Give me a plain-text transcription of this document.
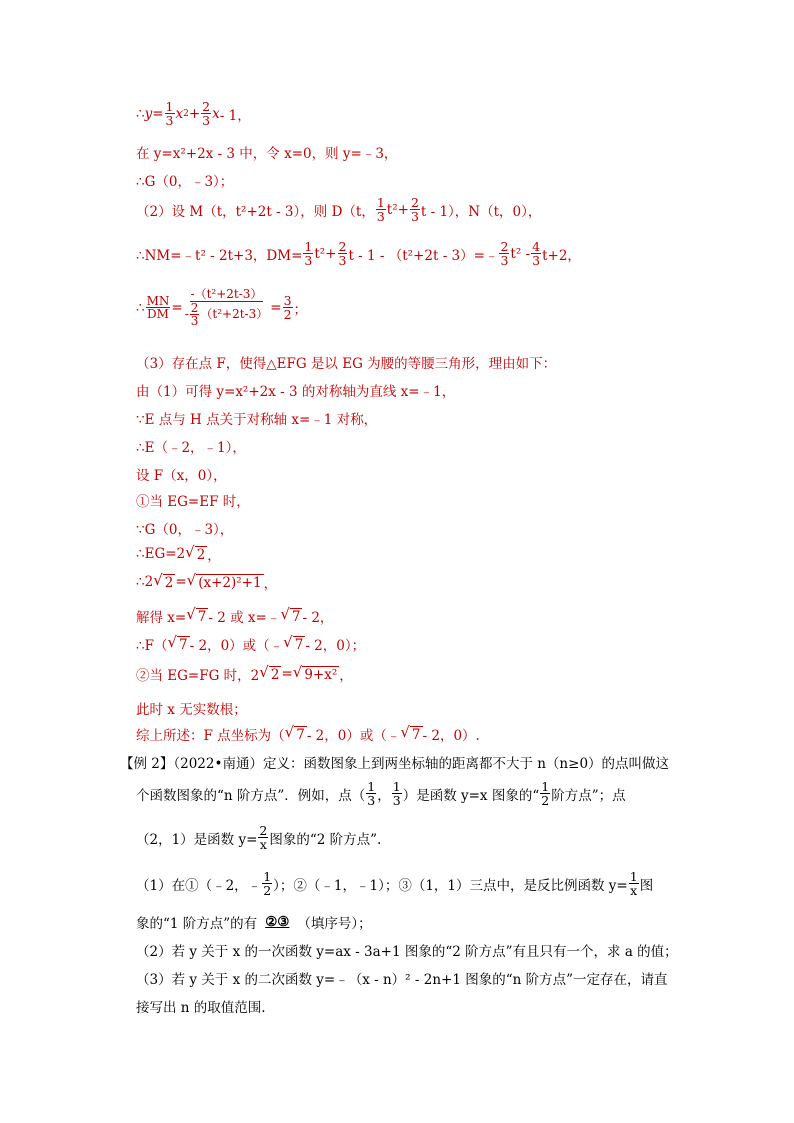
∴ $y= \frac{1}{3}$ x $2 + \frac{2}{3}$ x - 1，
在 y=x²+2x - 3 中，令 x=0，则 y=﹣3，
∴G（0，﹣3）；
（2）设 M（t，t²+2t - 3），则 D（t， $\frac{1}{3} t^2+ \frac{2}{3}$ t - 1），N（t，0），
∴NM=﹣t² - 2t+3，$DM= \frac{1}{3} t^2+ \frac{2}{3}$ t - 1 - （t²+2t - 3）=﹣ $\frac{2}{3} t^2 - \frac{4}{3} t+2$，
∴ $\frac{MN}{DM} = \frac{\text{-（t²+2t-3）}}{- \frac{2}{3} (t^2+2t-3)} = \frac{3}{2}$ ；
（3）存在点 F，使得△EFG 是以 EG 为腰的等腰三角形，理由如下：
由（1）可得 y=x²+2x - 3 的对称轴为直线 x=﹣1，
∵E 点与 H 点关于对称轴 x=﹣1 对称，
∴E（﹣2，﹣1），
设 F（x，0），
①当 EG=EF 时，
∵G（0，﹣3），
∴EG=2 √ 2 ，
∴2 √ 2 = √ (x+2)²+1 ，
解得 x= √ 7 - 2 或 x=﹣ √ 7 - 2，
∴F（ √ 7 - 2，0）或（﹣ √ 7 - 2，0）；
②当 EG=FG 时，2 √ 2 = √ 9+x² ，
此时 x 无实数根；
综上所述：F 点坐标为（ √ 7 - 2，0）或（﹣ √ 7 - 2，0）.
【例 2】（2022•南通）定义：函数图象上到两坐标轴的距离都不大于 n（n≥0）的点叫做这
个函数图象的“n 阶方点”．例如，点（ $\frac{1}{3}$ ， $\frac{1}{3}$ ）是函数 y=x 图象的“ $\frac{1}{2}$ 阶方点”；点
（2，1）是函数 $y= \frac{2}{x}$ 图象的“2 阶方点”.
（1）在①（﹣2，﹣ $\frac{1}{2}$ ）；②（﹣1，﹣1）；③（1，1）三点中，是反比例函数 $y= \frac{1}{x}$ 图
象的“1 阶方点”的有 ②③ （填序号）；
（2）若 y 关于 x 的一次函数 y=ax - 3a+1 图象的“2 阶方点”有且只有一个，求 a 的值；
（3）若 y 关于 x 的二次函数 y=﹣（x - n）² - 2n+1 图象的“n 阶方点”一定存在，请直
接写出 n 的取值范围.
